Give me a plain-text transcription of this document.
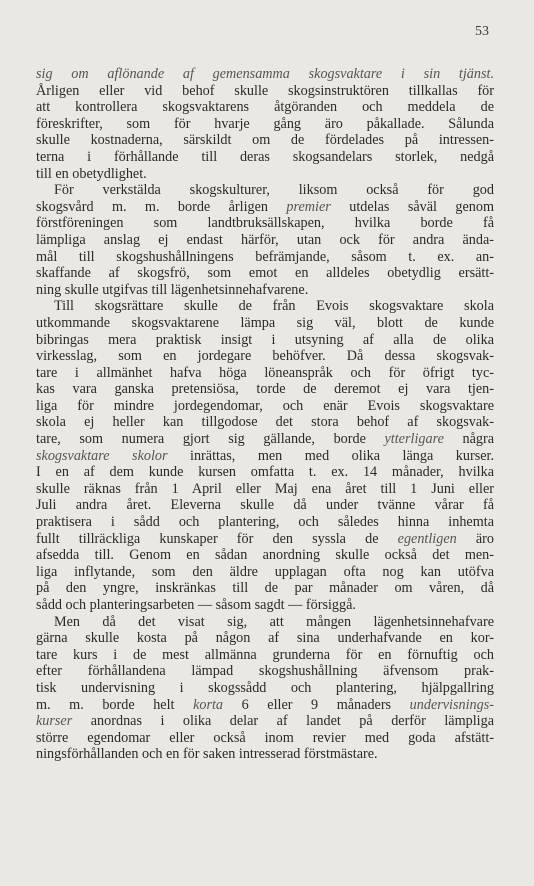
53
sig om aflönande af gemensamma skogsvaktare i sin tjänst.
Årligen eller vid behof skulle skogsinstruktören tillkallas för
att kontrollera skogsvaktarens åtgöranden och meddela de
föreskrifter, som för hvarje gång äro påkallade. Sålunda
skulle kostnaderna, särskildt om de fördelades på intressen-
terna i förhållande till deras skogsandelars storlek, nedgå
till en obetydlighet.
För verkstälda skogskulturer, liksom också för god
skogsvård m. m. borde årligen premier utdelas såväl genom
förstföreningen som landtbruksällskapen, hvilka borde få
lämpliga anslag ej endast härför, utan ock för andra ända-
mål till skogshushållningens befrämjande, såsom t. ex. an-
skaffande af skogsfrö, som emot en alldeles obetydlig ersätt-
ning skulle utgifvas till lägenhetsinnehafvarene.
Till skogsrättare skulle de från Evois skogsvaktare skola
utkommande skogsvaktarene lämpa sig väl, blott de kunde
bibringas mera praktisk insigt i utsyning af alla de olika
virkesslag, som en jordegare behöfver. Då dessa skogsvak-
tare i allmänhet hafva höga löneanspråk och för öfrigt tyc-
kas vara ganska pretensiösa, torde de deremot ej vara tjen-
liga för mindre jordegendomar, och enär Evois skogsvaktare
skola ej heller kan tillgodose det stora behof af skogsvak-
tare, som numera gjort sig gällande, borde ytterligare några
skogsvaktare skolor inrättas, men med olika länga kurser.
I en af dem kunde kursen omfatta t. ex. 14 månader, hvilka
skulle räknas från 1 April eller Maj ena året till 1 Juni eller
Juli andra året. Eleverna skulle då under tvänne vårar få
praktisera i sådd och plantering, och således hinna inhemta
fullt tillräckliga kunskaper för den syssla de egentligen äro
afsedda till. Genom en sådan anordning skulle också det men-
liga inflytande, som den äldre upplagan ofta nog kan utöfva
på den yngre, inskränkas till de par månader om våren, då
sådd och planteringsarbeten — såsom sagdt — försiggå.
Men då det visat sig, att mången lägenhetsinnehafvare
gärna skulle kosta på någon af sina underhafvande en kor-
tare kurs i de mest allmänna grunderna för en förnuftig och
efter förhållandena lämpad skogshushållning äfvensom prak-
tisk undervisning i skogssådd och plantering, hjälpgallring
m. m. borde helt korta 6 eller 9 månaders undervisnings-
kurser anordnas i olika delar af landet på derför lämpliga
större egendomar eller också inom revier med goda afstätt-
ningsförhållanden och en för saken intresserad förstmästare.
